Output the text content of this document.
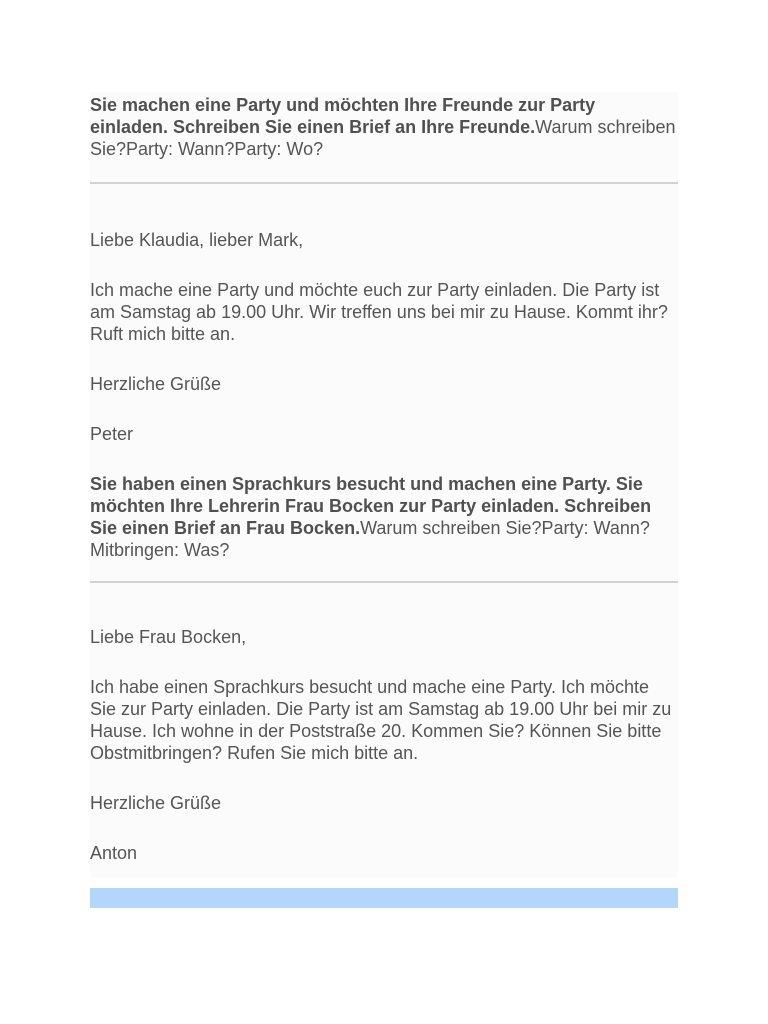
Sie machen eine Party und möchten Ihre Freunde zur Party einladen. Schreiben Sie einen Brief an Ihre Freunde.Warum schreiben Sie?Party: Wann?Party: Wo?

Liebe Klaudia, lieber Mark,

Ich mache eine Party und möchte euch zur Party einladen. Die Party ist am Samstag ab 19.00 Uhr. Wir treffen uns bei mir zu Hause. Kommt ihr? Ruft mich bitte an.

Herzliche Grüße

Peter

Sie haben einen Sprachkurs besucht und machen eine Party. Sie möchten Ihre Lehrerin Frau Bocken zur Party einladen. Schreiben Sie einen Brief an Frau Bocken.Warum schreiben Sie?Party: Wann?Mitbringen: Was?

Liebe Frau Bocken,

Ich habe einen Sprachkurs besucht und mache eine Party. Ich möchte Sie zur Party einladen. Die Party ist am Samstag ab 19.00 Uhr bei mir zu Hause. Ich wohne in der Poststraße 20. Kommen Sie? Können Sie bitte Obstmitbringen? Rufen Sie mich bitte an.

Herzliche Grüße

Anton
